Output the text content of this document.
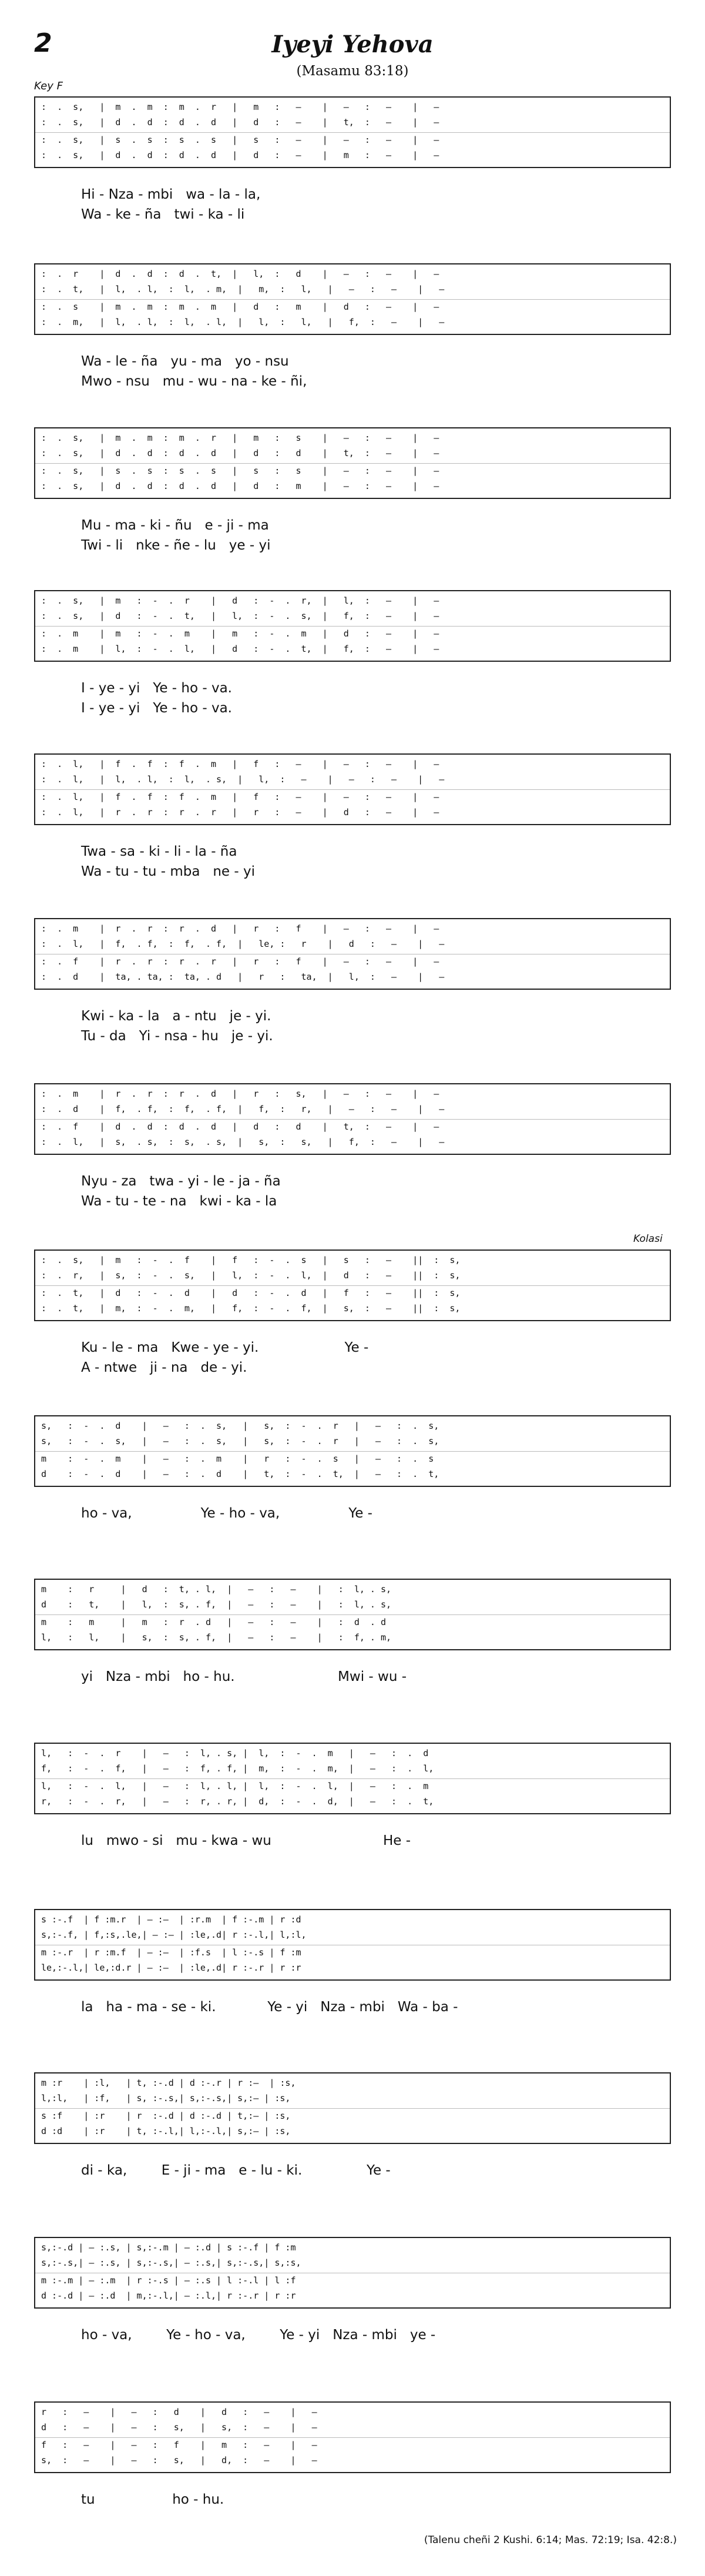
2	Iyeyi Yehova
(Masamu 83:18)
Key F
:  .  s,   |  m  .  m  :  m  .  r   |   m   :   —    |   —   :   —    |   —
:  .  s,   |  d  .  d  :  d  .  d   |   d   :   —    |   t,  :   —    |   —
:  .  s,   |  s  .  s  :  s  .  s   |   s   :   —    |   —   :   —    |   —
:  .  s,   |  d  .  d  :  d  .  d   |   d   :   —    |   m   :   —    |   —
Hi - Nza - mbi   wa - la - la,
Wa - ke - ña   twi - ka - li
:  .  r    |  d  .  d  :  d  .  t,  |   l,  :   d    |   —   :   —    |   —
:  .  t,   |  l,  . l,  :  l,  . m,  |   m,  :   l,   |   —   :   —    |   —
:  .  s    |  m  .  m  :  m  .  m   |   d   :   m    |   d   :   —    |   —
:  .  m,   |  l,  . l,  :  l,  . l,  |   l,  :   l,   |   f,  :   —    |   —
Wa - le - ña   yu - ma   yo - nsu
Mwo - nsu   mu - wu - na - ke - ñi,
:  .  s,   |  m  .  m  :  m  .  r   |   m   :   s    |   —   :   —    |   —
:  .  s,   |  d  .  d  :  d  .  d   |   d   :   d    |   t,  :   —    |   —
:  .  s,   |  s  .  s  :  s  .  s   |   s   :   s    |   —   :   —    |   —
:  .  s,   |  d  .  d  :  d  .  d   |   d   :   m    |   —   :   —    |   —
Mu - ma - ki - ñu   e - ji - ma
Twi - li   nke - ñe - lu   ye - yi
:  .  s,   |  m   :  -  .  r    |   d   :  -  .  r,  |   l,  :   —    |   —
:  .  s,   |  d   :  -  .  t,   |   l,  :  -  .  s,  |   f,  :   —    |   —
:  .  m    |  m   :  -  .  m    |   m   :  -  .  m   |   d   :   —    |   —
:  .  m    |  l,  :  -  .  l,   |   d   :  -  .  t,  |   f,  :   —    |   —
I - ye - yi   Ye - ho - va.
I - ye - yi   Ye - ho - va.
:  .  l,   |  f  .  f  :  f  .  m   |   f   :   —    |   —   :   —    |   —
:  .  l,   |  l,  . l,  :  l,  . s,  |   l,  :   —    |   —   :   —    |   —
:  .  l,   |  f  .  f  :  f  .  m   |   f   :   —    |   —   :   —    |   —
:  .  l,   |  r  .  r  :  r  .  r   |   r   :   —    |   d   :   —    |   —
Twa - sa - ki - li - la - ña
Wa - tu - tu - mba   ne - yi
:  .  m    |  r  .  r  :  r  .  d   |   r   :   f    |   —   :   —    |   —
:  .  l,   |  f,  . f,  :  f,  . f,  |   le, :   r    |   d   :   —    |   —
:  .  f    |  r  .  r  :  r  .  r   |   r   :   f    |   —   :   —    |   —
:  .  d    |  ta, . ta, :  ta, . d   |   r   :   ta,  |   l,  :   —    |   —
Kwi - ka - la   a - ntu   je - yi.
Tu - da   Yi - nsa - hu   je - yi.
:  .  m    |  r  .  r  :  r  .  d   |   r   :   s,   |   —   :   —    |   —
:  .  d    |  f,  . f,  :  f,  . f,  |   f,  :   r,   |   —   :   —    |   —
:  .  f    |  d  .  d  :  d  .  d   |   d   :   d    |   t,  :   —    |   —
:  .  l,   |  s,  . s,  :  s,  . s,  |   s,  :   s,   |   f,  :   —    |   —
Nyu - za   twa - yi - le - ja - ña
Wa - tu - te - na   kwi - ka - la
Kolasi
:  .  s,   |  m   :  -  .  f    |   f   :  -  .  s   |   s   :   —    ||  :  s,
:  .  r,   |  s,  :  -  .  s,   |   l,  :  -  .  l,  |   d   :   —    ||  :  s,
:  .  t,   |  d   :  -  .  d    |   d   :  -  .  d   |   f   :   —    ||  :  s,
:  .  t,   |  m,  :  -  .  m,   |   f,  :  -  .  f,  |   s,  :   —    ||  :  s,
Ku - le - ma   Kwe - ye - yi.                    Ye -
A - ntwe   ji - na   de - yi.
s,   :  -  .  d    |   —   :  .  s,   |   s,  :  -  .  r   |   —   :  .  s,
s,   :  -  .  s,   |   —   :  .  s,   |   s,  :  -  .  r   |   —   :  .  s,
m    :  -  .  m    |   —   :  .  m    |   r   :  -  .  s   |   —   :  .  s
d    :  -  .  d    |   —   :  .  d    |   t,  :  -  .  t,  |   —   :  .  t,
ho - va,                Ye - ho - va,                Ye -
m    :   r     |   d   :  t, . l,  |   —   :   —    |   :  l, . s,
d    :   t,    |   l,  :  s, . f,  |   —   :   —    |   :  l, . s,
m    :   m     |   m   :  r  . d   |   —   :   —    |   :  d  . d
l,   :   l,    |   s,  :  s, . f,  |   —   :   —    |   :  f, . m,
yi   Nza - mbi   ho - hu.                        Mwi - wu -
l,   :  -  .  r    |   —   :  l, . s, |  l,  :  -  .  m   |   —   :  .  d
f,   :  -  .  f,   |   —   :  f, . f, |  m,  :  -  .  m,  |   —   :  .  l,
l,   :  -  .  l,   |   —   :  l, . l, |  l,  :  -  .  l,  |   —   :  .  m
r,   :  -  .  r,   |   —   :  r, . r, |  d,  :  -  .  d,  |   —   :  .  t,
lu   mwo - si   mu - kwa - wu                          He -
s :-.f  | f :m.r  | — :—  | :r.m  | f :-.m | r :d
s,:-.f, | f,:s,.le,| — :— | :le,.d| r :-.l,| l,:l,
m :-.r  | r :m.f  | — :—  | :f.s  | l :-.s | f :m
le,:-.l,| le,:d.r | — :—  | :le,.d| r :-.r | r :r
la   ha - ma - se - ki.            Ye - yi   Nza - mbi   Wa - ba -
m :r    | :l,   | t, :-.d | d :-.r | r :—  | :s,
l,:l,   | :f,   | s, :-.s,| s,:-.s,| s,:— | :s,
s :f    | :r    | r  :-.d | d :-.d | t,:— | :s,
d :d    | :r    | t, :-.l,| l,:-.l,| s,:— | :s,
di - ka,        E - ji - ma   e - lu - ki.               Ye -
s,:-.d | — :.s, | s,:-.m | — :.d | s :-.f | f :m
s,:-.s,| — :.s, | s,:-.s,| — :.s,| s,:-.s,| s,:s,
m :-.m | — :.m  | r :-.s | — :.s | l :-.l | l :f
d :-.d | — :.d  | m,:-.l,| — :.l,| r :-.r | r :r
ho - va,        Ye - ho - va,        Ye - yi   Nza - mbi   ye -
r   :   —    |   —   :   d    |   d   :   —    |   —
d   :   —    |   —   :   s,   |   s,  :   —    |   —
f   :   —    |   —   :   f    |   m   :   —    |   —
s,  :   —    |   —   :   s,   |   d,  :   —    |   —
tu                  ho - hu.
(Talenu cheñi 2 Kushi. 6:14; Mas. 72:19; Isa. 42:8.)
